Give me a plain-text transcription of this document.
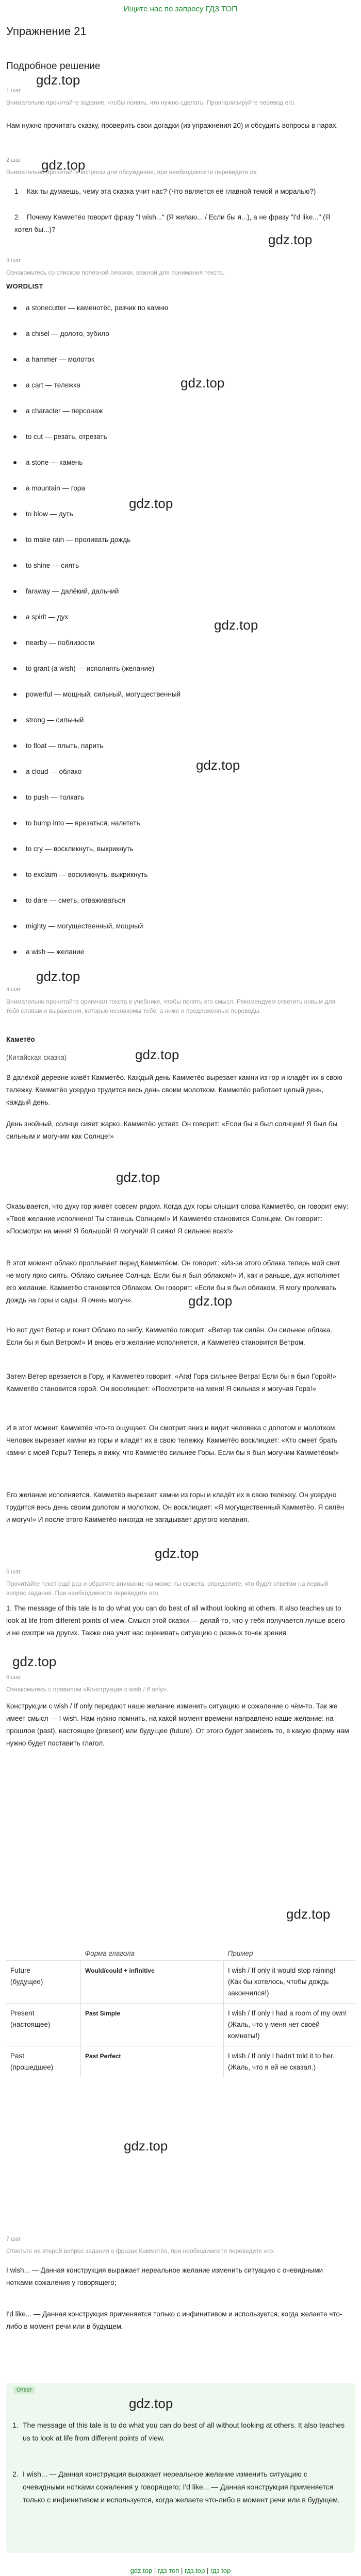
Ищите нас по запросу ГДЗ ТОП
Упражнение 21
Подробное решение
1 шаг
gdz.top
Внимательно прочитайте задание, чтобы понять, что нужно сделать. Проанализируйте перевод его.
Нам нужно прочитать сказку, проверить свои догадки (из упражнения 20) и обсудить вопросы в парах.
2 шаг
Внимательно прочитайте вопросы для обсуждения, при необходимости переведите их.
1 Как ты думаешь, чему эта сказка учит нас? (Что является её главной темой и моралью?)
gdz.top
2 Почему Камметёо говорит фразу "I wish..." (Я желаю... / Если бы я...), а не фразу "I'd like..." (Я хотел бы...)?
3 шаг
Ознакомьтесь со списком полезной лексики, важной для понимания текста.
WORDLIST
gdz.top
a stonecutter — каменотёс, резчик по камню
a chisel — долото, зубило
a hammer — молоток
a cart — тележка	gdz.top
a character — персонаж
to cut — резать, отрезать
a stone — камень
a mountain — гора
to blow — дуть
gdz.top
to make rain — проливать дождь
to shine — сиять
faraway — далёкий, дальний
a spirit — дух
nearby — поблизости
gdz.top
to grant (a wish) — исполнять (желание)
powerful — мощный, сильный, могущественный
strong — сильный
to float — плыть, парить
a cloud — облако	gdz.top
to push — толкать
to bump into — врезаться, налететь
to cry — воскликнуть, выкрикнуть
to exclaim — воскликнуть, выкрикнуть
to dare — сметь, отваживаться
mighty — могущественный, мощный
a wish — желание
gdz.top
4 шаг
Внимательно прочитайте оригинал текста в учебнике, чтобы понять его смысл. Рекомендуем ответить новым для тебя словам и выражения, которые незнакомы тебе, а ниже и предложенные переводы.
Каметёо
(Китайская сказка)	gdz.top
В далёкой деревне живёт Камметёо. Каждый день Камметёо вырезает камни из гор и кладёт их в свою тележку. Камметёо усердно трудится весь день своим молотком. Камметёо работает целый день, каждый день.
День знойный, солнце сияет жарко. Камметёо устаёт. Он говорит: «Если бы я был солнцем! Я был бы сильным и могучим как Солнце!»
gdz.top
Оказывается, что духу гор живёт совсем рядом. Когда дух горы слышит слова Камметёо, он говорит ему: «Твоё желание исполнено! Ты станешь Солнцем!» И Камметёо становится Солнцем. Он говорит: «Посмотри на меня! Я большой! Я могучий! Я сияю! Я сильнее всех!»
В этот момент облако проплывает перед Камметёом. Он говорит: «Из-за этого облака теперь мой свет не могу ярко сиять. Облако сильнее Солнца. Если бы я был облаком!» И, как и раньше, дух исполняет его желание. Камметёо становится Облаком. Он говорит: «Если бы я был облаком, Я могу проливать дождь на горы и сады. Я очень могуч».	gdz.top
Но вот дует Ветер и гонит Облако по небу. Камметёо говорит: «Ветер так силён. Он сильнее облака. Если бы я был Ветром!» И вновь его желание исполняется, и Камметёо становится Ветром.
Затем Ветер врезается в Гору, и Камметёо говорит: «Ага! Гора сильнее Ветра! Если бы я был Горой!» Камметёо становится горой. Он восклицает: «Посмотрите на меня! Я сильная и могучая Гора!»
И в этот момент Камметёо что-то ощущает. Он смотрит вниз и видит человека с долотом и молотком. Человек вырезает камни из горы и кладёт их в свою тележку. Камметёо восклицает: «Кто смеет брать камни с моей Горы? Теперь я вижу, что Камметёо сильнее Горы. Если бы я был могучим Камметёом!»
Его желание исполняется. Камметёо вырезает камни из горы и кладёт их в свою тележку. Он усердно трудится весь день своим долотом и молотком. Он восклицает: «Я могущественный Камметёо. Я силён и могуч!» И после этого Камметёо никогда не загадывает другого желания.
gdz.top
5 шаг
Прочитайте текст ещё раз и обратите внимание на моменты сюжета, определите, что будет ответом на первый вопрос задания. При необходимости переведите его.
1. The message of this tale is to do what you can do best of all without looking at others. It also teaches us to look at life from different points of view. Смысл этой сказки — делай то, что у тебя получается лучше всего и не смотри на других. Также она учит нас оценивать ситуацию с разных точек зрения.
gdz.top
6 шаг
Ознакомьтесь с правилом «Конструкция с wish / If only».
Конструкции с wish / If only передают наше желание изменить ситуацию и сожаление о чём-то. Так же имеет смысл — I wish. Нам нужно помнить, на какой момент времени направлено наше желание: на прошлое (past), настоящее (present) или будущее (future). От этого будет зависеть то, в какую форму нам нужно будет поставить глагол.
	Форма глагола	Пример

Future
(будущее)	Would/could + infinitive	I wish / If only it would stop raining! (Как бы хотелось, чтобы дождь закончился!)

Present
(настоящее)	Past Simple	I wish / If only I had a room of my own! (Жаль, что у меня нет своей комнаты!)

Past
(прошедшее)	Past Perfect	I wish / If only I hadn't told it to her. (Жаль, что я ей не сказал.)
gdz.top
gdz.top
7 шаг
Ответьте на второй вопрос задания о фразах Камметёо, при необходимости переведите его.
I wish... — Данная конструкция выражает нереальное желание изменить ситуацию с очевидными нотками сожаления у говорящего;
I'd like... — Данная конструкция применяется только с инфинитивом и используется, когда желаете что-либо в момент речи или в будущем.
Ответ
gdz.top
1. The message of this tale is to do what you can do best of all without looking at others. It also teaches us to look at life from different points of view.
2. I wish... — Данная конструкция выражает нереальное желание изменить ситуацию с очевидными нотками сожаления у говорящего; I'd like... — Данная конструкция применяется только с инфинитивом и используется, когда желаете что-либо в момент речи или в будущем.
gdz.top | гдз топ | гдз.top | гдз top
